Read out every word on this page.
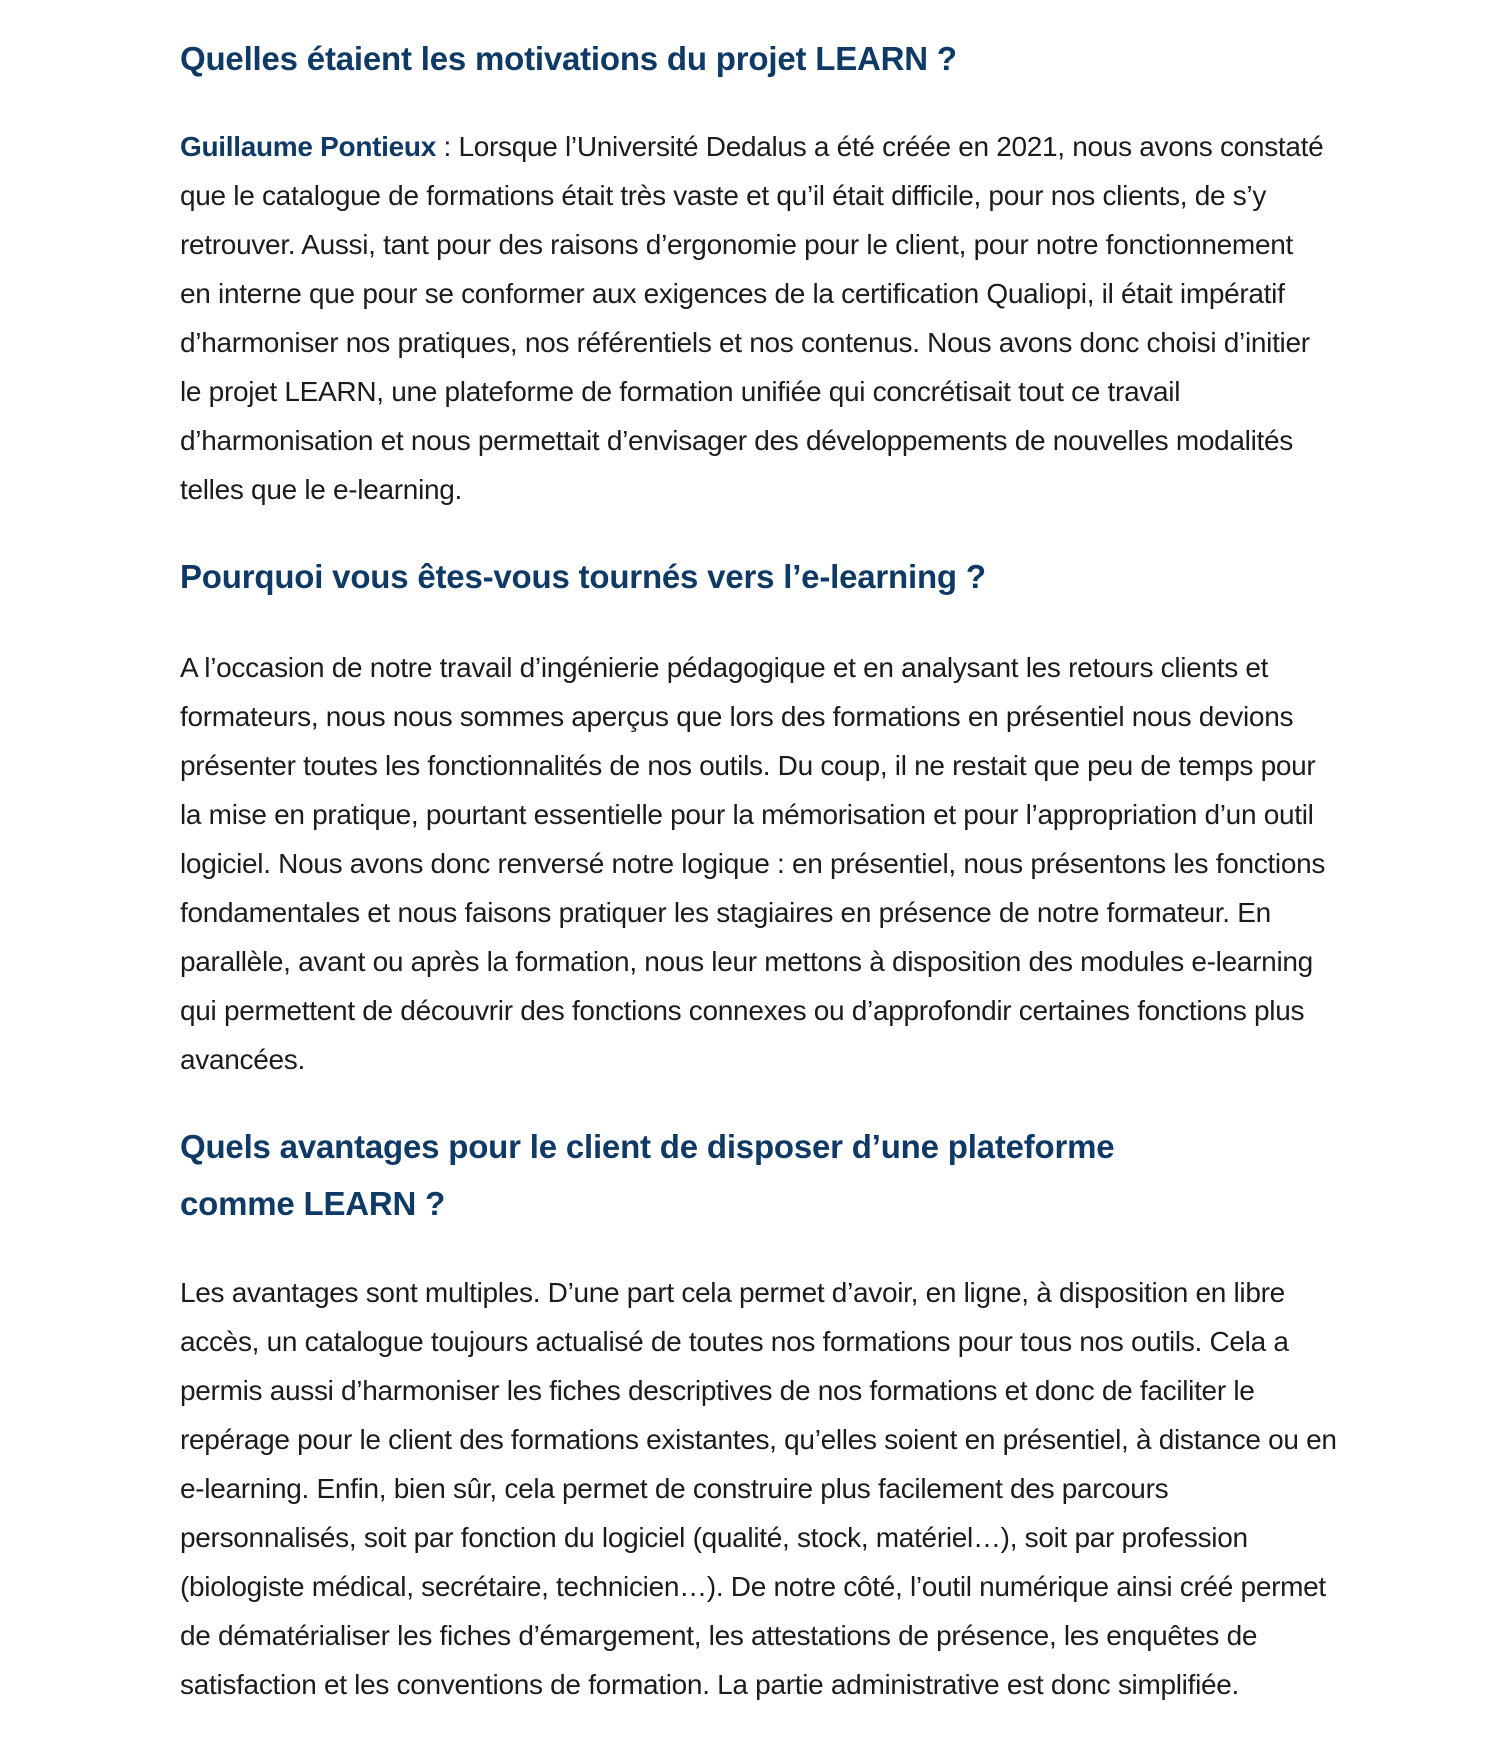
Quelles étaient les motivations du projet LEARN ?

Guillaume Pontieux : Lorsque l’Université Dedalus a été créée en 2021, nous avons constaté que le catalogue de formations était très vaste et qu’il était difficile, pour nos clients, de s’y retrouver. Aussi, tant pour des raisons d’ergonomie pour le client, pour notre fonctionnement en interne que pour se conformer aux exigences de la certification Qualiopi, il était impératif d’harmoniser nos pratiques, nos référentiels et nos contenus. Nous avons donc choisi d’initier le projet LEARN, une plateforme de formation unifiée qui concrétisait tout ce travail d’harmonisation et nous permettait d’envisager des développements de nouvelles modalités telles que le e-learning.

Pourquoi vous êtes-vous tournés vers l’e-learning ?

A l’occasion de notre travail d’ingénierie pédagogique et en analysant les retours clients et formateurs, nous nous sommes aperçus que lors des formations en présentiel nous devions présenter toutes les fonctionnalités de nos outils. Du coup, il ne restait que peu de temps pour la mise en pratique, pourtant essentielle pour la mémorisation et pour l’appropriation d’un outil logiciel. Nous avons donc renversé notre logique : en présentiel, nous présentons les fonctions fondamentales et nous faisons pratiquer les stagiaires en présence de notre formateur. En parallèle, avant ou après la formation, nous leur mettons à disposition des modules e-learning qui permettent de découvrir des fonctions connexes ou d’approfondir certaines fonctions plus avancées.

Quels avantages pour le client de disposer d’une plateforme comme LEARN ?

Les avantages sont multiples. D’une part cela permet d’avoir, en ligne, à disposition en libre accès, un catalogue toujours actualisé de toutes nos formations pour tous nos outils. Cela a permis aussi d’harmoniser les fiches descriptives de nos formations et donc de faciliter le repérage pour le client des formations existantes, qu’elles soient en présentiel, à distance ou en e-learning. Enfin, bien sûr, cela permet de construire plus facilement des parcours personnalisés, soit par fonction du logiciel (qualité, stock, matériel…), soit par profession (biologiste médical, secrétaire, technicien…). De notre côté, l’outil numérique ainsi créé permet de dématérialiser les fiches d’émargement, les attestations de présence, les enquêtes de satisfaction et les conventions de formation. La partie administrative est donc simplifiée.
